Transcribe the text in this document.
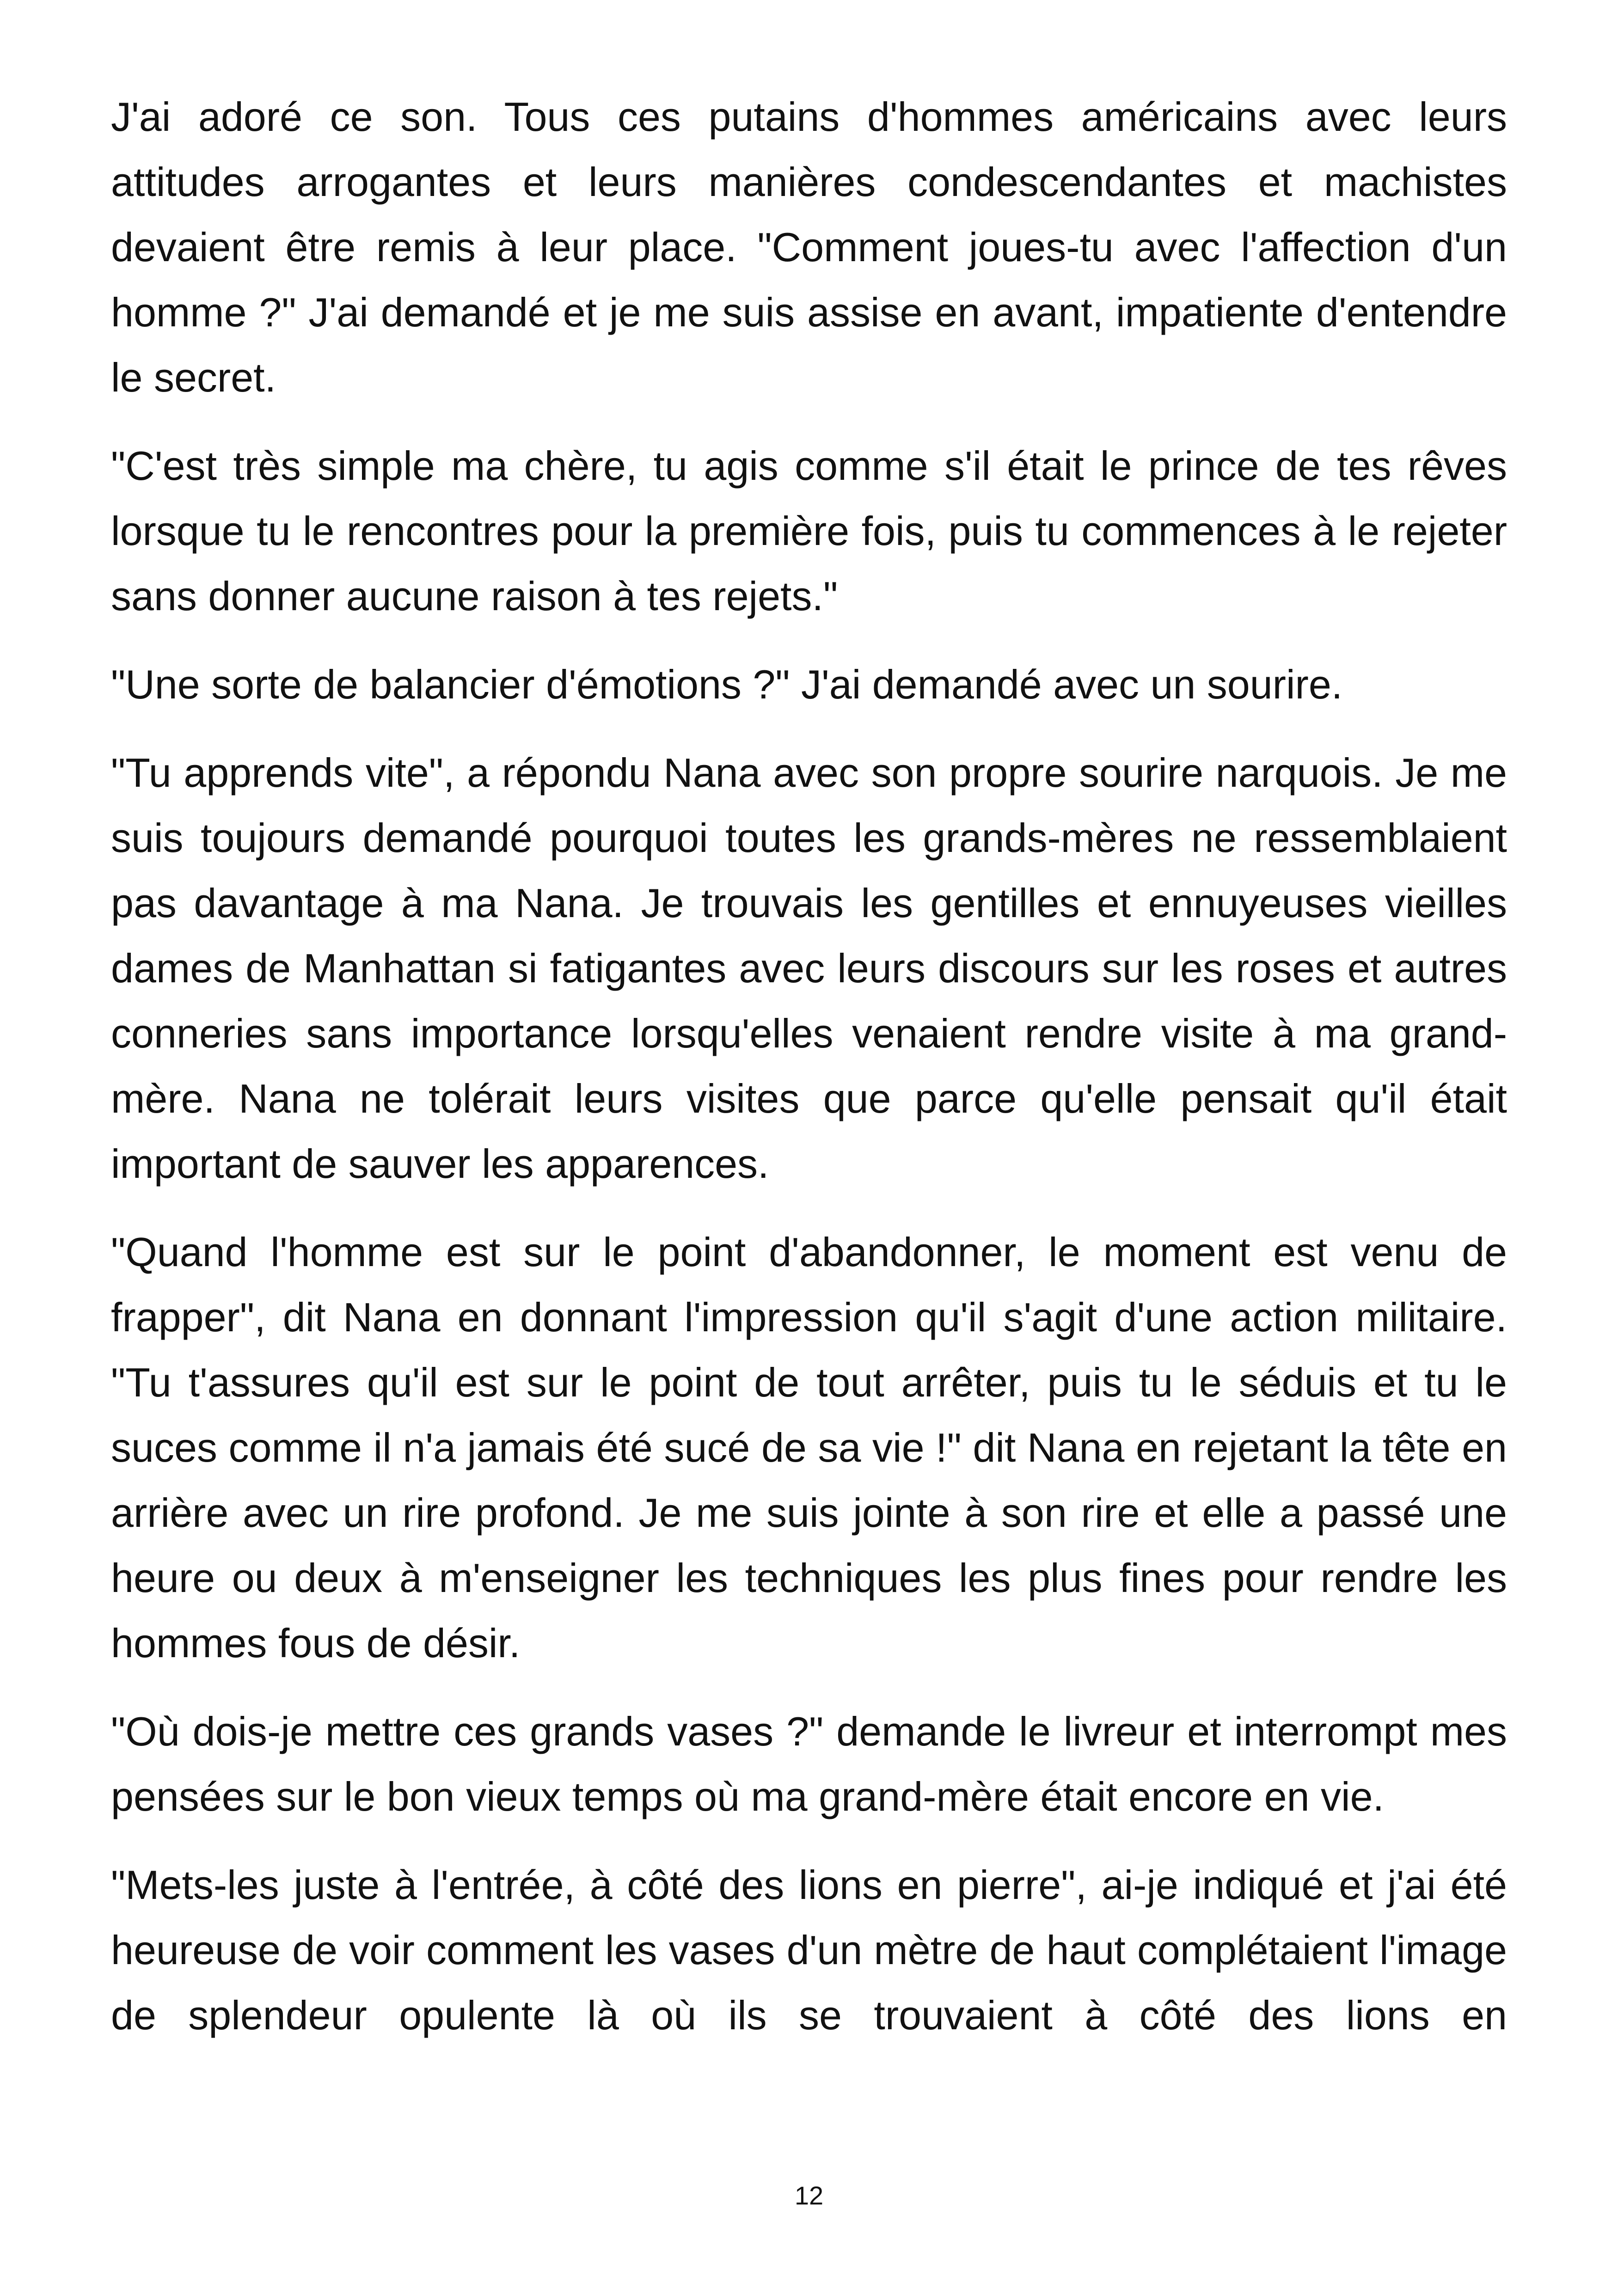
J'ai adoré ce son. Tous ces putains d'hommes américains avec leurs attitudes arrogantes et leurs manières condescendantes et machistes devaient être remis à leur place. "Comment joues-tu avec l'affection d'un homme ?" J'ai demandé et je me suis assise en avant, impatiente d'entendre le secret.

"C'est très simple ma chère, tu agis comme s'il était le prince de tes rêves lorsque tu le rencontres pour la première fois, puis tu commences à le rejeter sans donner aucune raison à tes rejets."

"Une sorte de balancier d'émotions ?" J'ai demandé avec un sourire.

"Tu apprends vite", a répondu Nana avec son propre sourire narquois. Je me suis toujours demandé pourquoi toutes les grands-mères ne ressemblaient pas davantage à ma Nana. Je trouvais les gentilles et ennuyeuses vieilles dames de Manhattan si fatigantes avec leurs discours sur les roses et autres conneries sans importance lorsqu'elles venaient rendre visite à ma grand-mère. Nana ne tolérait leurs visites que parce qu'elle pensait qu'il était important de sauver les apparences.

"Quand l'homme est sur le point d'abandonner, le moment est venu de frapper", dit Nana en donnant l'impression qu'il s'agit d'une action militaire. "Tu t'assures qu'il est sur le point de tout arrêter, puis tu le séduis et tu le suces comme il n'a jamais été sucé de sa vie !" dit Nana en rejetant la tête en arrière avec un rire profond. Je me suis jointe à son rire et elle a passé une heure ou deux à m'enseigner les techniques les plus fines pour rendre les hommes fous de désir.

"Où dois-je mettre ces grands vases ?" demande le livreur et interrompt mes pensées sur le bon vieux temps où ma grand-mère était encore en vie.

"Mets-les juste à l'entrée, à côté des lions en pierre", ai-je indiqué et j'ai été heureuse de voir comment les vases d'un mètre de haut complétaient l'image de splendeur opulente là où ils se trouvaient à côté des lions en

12
